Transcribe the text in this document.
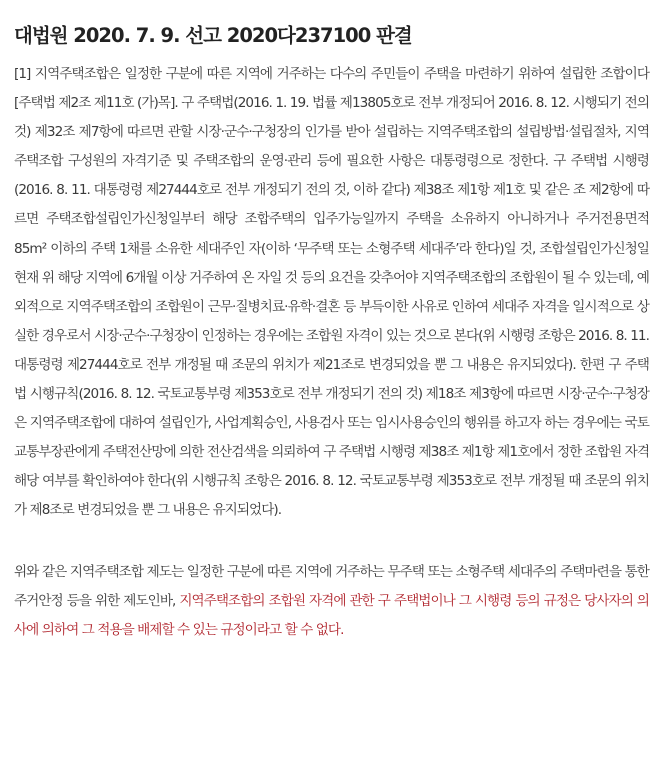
대법원 2020. 7. 9. 선고 2020다237100 판결

[1] 지역주택조합은 일정한 구분에 따른 지역에 거주하는 다수의 주민들이 주택을 마련하기 위하여 설립한 조합이다[주택법 제2조 제11호 (가)목]. 구 주택법(2016. 1. 19. 법률 제13805호로 전부 개정되어 2016. 8. 12. 시행되기 전의 것) 제32조 제7항에 따르면 관할 시장·군수·구청장의 인가를 받아 설립하는 지역주택조합의 설립방법·설립절차, 지역주택조합 구성원의 자격기준 및 주택조합의 운영·관리 등에 필요한 사항은 대통령령으로 정한다. 구 주택법 시행령(2016. 8. 11. 대통령령 제27444호로 전부 개정되기 전의 것, 이하 같다) 제38조 제1항 제1호 및 같은 조 제2항에 따르면 주택조합설립인가신청일부터 해당 조합주택의 입주가능일까지 주택을 소유하지 아니하거나 주거전용면적 85m² 이하의 주택 1채를 소유한 세대주인 자(이하 ‘무주택 또는 소형주택 세대주’라 한다)일 것, 조합설립인가신청일 현재 위 해당 지역에 6개월 이상 거주하여 온 자일 것 등의 요건을 갖추어야 지역주택조합의 조합원이 될 수 있는데, 예외적으로 지역주택조합의 조합원이 근무·질병치료·유학·결혼 등 부득이한 사유로 인하여 세대주 자격을 일시적으로 상실한 경우로서 시장·군수·구청장이 인정하는 경우에는 조합원 자격이 있는 것으로 본다(위 시행령 조항은 2016. 8. 11. 대통령령 제27444호로 전부 개정될 때 조문의 위치가 제21조로 변경되었을 뿐 그 내용은 유지되었다). 한편 구 주택법 시행규칙(2016. 8. 12. 국토교통부령 제353호로 전부 개정되기 전의 것) 제18조 제3항에 따르면 시장·군수·구청장은 지역주택조합에 대하여 설립인가, 사업계획승인, 사용검사 또는 임시사용승인의 행위를 하고자 하는 경우에는 국토교통부장관에게 주택전산망에 의한 전산검색을 의뢰하여 구 주택법 시행령 제38조 제1항 제1호에서 정한 조합원 자격 해당 여부를 확인하여야 한다(위 시행규칙 조항은 2016. 8. 12. 국토교통부령 제353호로 전부 개정될 때 조문의 위치가 제8조로 변경되었을 뿐 그 내용은 유지되었다).

위와 같은 지역주택조합 제도는 일정한 구분에 따른 지역에 거주하는 무주택 또는 소형주택 세대주의 주택마련을 통한 주거안정 등을 위한 제도인바, 지역주택조합의 조합원 자격에 관한 구 주택법이나 그 시행령 등의 규정은 당사자의 의사에 의하여 그 적용을 배제할 수 있는 규정이라고 할 수 없다.
